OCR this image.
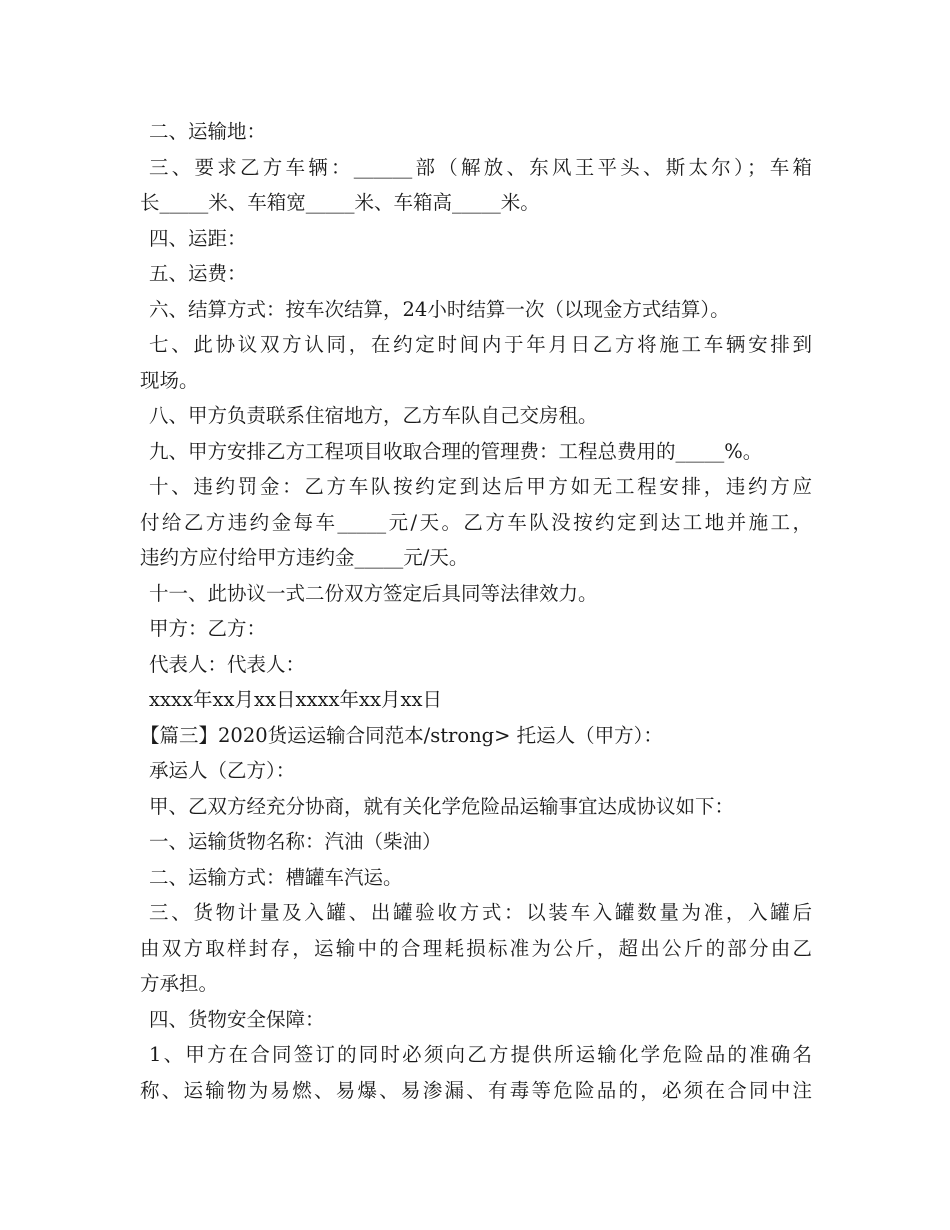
二、运输地：
三、要求乙方车辆：______部（解放、东风王平头、斯太尔）；车箱
长_____米、车箱宽_____米、车箱高_____米。
四、运距：
五、运费：
六、结算方式：按车次结算，24小时结算一次（以现金方式结算）。
七、此协议双方认同，在约定时间内于年月日乙方将施工车辆安排到
现场。
八、甲方负责联系住宿地方，乙方车队自己交房租。
九、甲方安排乙方工程项目收取合理的管理费：工程总费用的_____%。
十、违约罚金：乙方车队按约定到达后甲方如无工程安排，违约方应
付给乙方违约金每车_____元/天。乙方车队没按约定到达工地并施工，
违约方应付给甲方违约金_____元/天。
十一、此协议一式二份双方签定后具同等法律效力。
甲方：乙方：
代表人：代表人：
xxxx年xx月xx日xxxx年xx月xx日
【篇三】2020货运运输合同范本/strong> 托运人（甲方）：
承运人（乙方）：
甲、乙双方经充分协商，就有关化学危险品运输事宜达成协议如下：
一、运输货物名称：汽油（柴油）
二、运输方式：槽罐车汽运。
三、货物计量及入罐、出罐验收方式：以装车入罐数量为准，入罐后
由双方取样封存，运输中的合理耗损标准为公斤，超出公斤的部分由乙
方承担。
四、货物安全保障：
1、甲方在合同签订的同时必须向乙方提供所运输化学危险品的准确名
称、运输物为易燃、易爆、易渗漏、有毒等危险品的，必须在合同中注
